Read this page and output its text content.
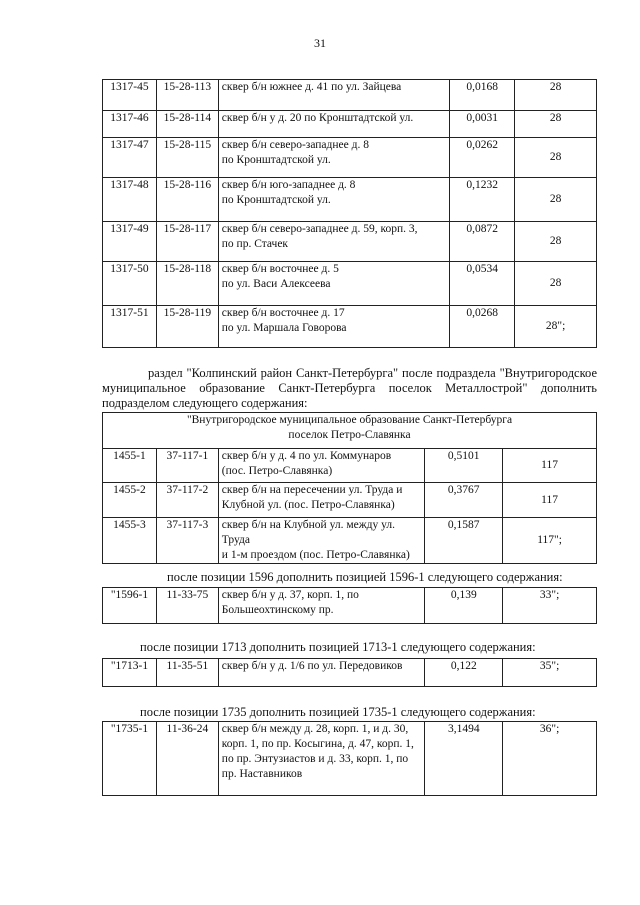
31
1317-45	15-28-113	сквер б/н южнее д. 41 по ул. Зайцева	0,0168	28
1317-46	15-28-114	сквер б/н у д. 20 по Кронштадтской ул.	0,0031	28
1317-47	15-28-115	сквер б/н северо-западнее д. 8
по Кронштадтской ул.	0,0262	28
1317-48	15-28-116	сквер б/н юго-западнее д. 8
по Кронштадтской ул.	0,1232	28
1317-49	15-28-117	сквер б/н северо-западнее д. 59, корп. 3,
по пр. Стачек	0,0872	28
1317-50	15-28-118	сквер б/н восточнее д. 5
по ул. Васи Алексеева	0,0534	28
1317-51	15-28-119	сквер б/н восточнее д. 17
по ул. Маршала Говорова	0,0268	28";
раздел "Колпинский район Санкт-Петербурга" после подраздела "Внутригородское
муниципальное образование Санкт-Петербурга поселок Металлострой" дополнить
подразделом следующего содержания:
"Внутригородское муниципальное образование Санкт-Петербурга
поселок Петро-Славянка				

1455-1	37-117-1	сквер б/н у д. 4 по ул. Коммунаров
(пос. Петро-Славянка)	0,5101	117
1455-2	37-117-2	сквер б/н на пересечении ул. Труда и
Клубной ул. (пос. Петро-Славянка)	0,3767	117
1455-3	37-117-3	сквер б/н на Клубной ул. между ул. Труда
и 1-м проездом (пос. Петро-Славянка)	0,1587	117";
после позиции 1596 дополнить позицией 1596-1 следующего содержания:
"1596-1	11-33-75	сквер б/н у д. 37, корп. 1, по
Большеохтинскому пр.
	0,139	33";
после позиции 1713 дополнить позицией 1713-1 следующего содержания:
"1713-1	11-35-51	сквер б/н у д. 1/6 по ул. Передовиков	0,122	35";
после позиции 1735 дополнить позицией 1735-1 следующего содержания:
"1735-1	11-36-24	сквер б/н между д. 28, корп. 1, и д. 30,
корп. 1, по пр. Косыгина, д. 47, корп. 1,
по пр. Энтузиастов и д. 33, корп. 1, по
пр. Наставников
	3,1494	36";
